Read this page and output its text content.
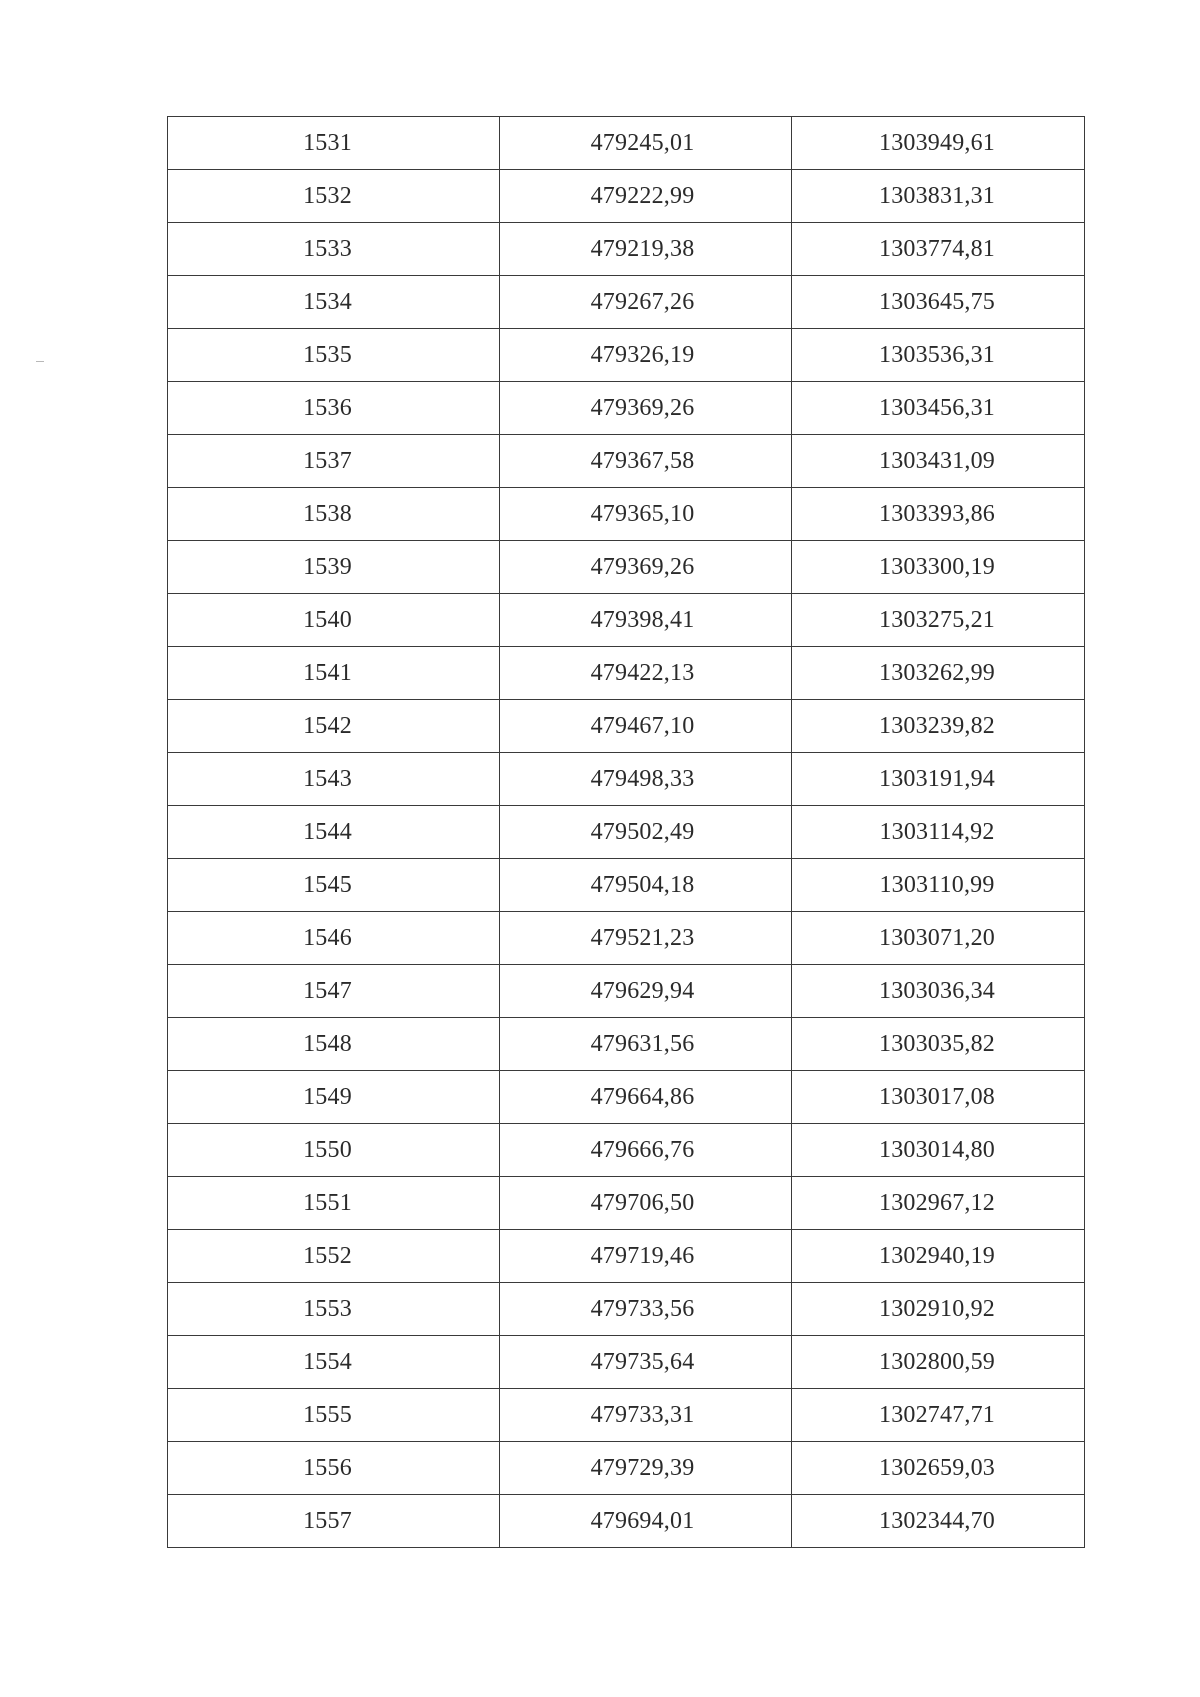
1531	479245,01	1303949,61
1532	479222,99	1303831,31
1533	479219,38	1303774,81
1534	479267,26	1303645,75
1535	479326,19	1303536,31
1536	479369,26	1303456,31
1537	479367,58	1303431,09
1538	479365,10	1303393,86
1539	479369,26	1303300,19
1540	479398,41	1303275,21
1541	479422,13	1303262,99
1542	479467,10	1303239,82
1543	479498,33	1303191,94
1544	479502,49	1303114,92
1545	479504,18	1303110,99
1546	479521,23	1303071,20
1547	479629,94	1303036,34
1548	479631,56	1303035,82
1549	479664,86	1303017,08
1550	479666,76	1303014,80
1551	479706,50	1302967,12
1552	479719,46	1302940,19
1553	479733,56	1302910,92
1554	479735,64	1302800,59
1555	479733,31	1302747,71
1556	479729,39	1302659,03
1557	479694,01	1302344,70
